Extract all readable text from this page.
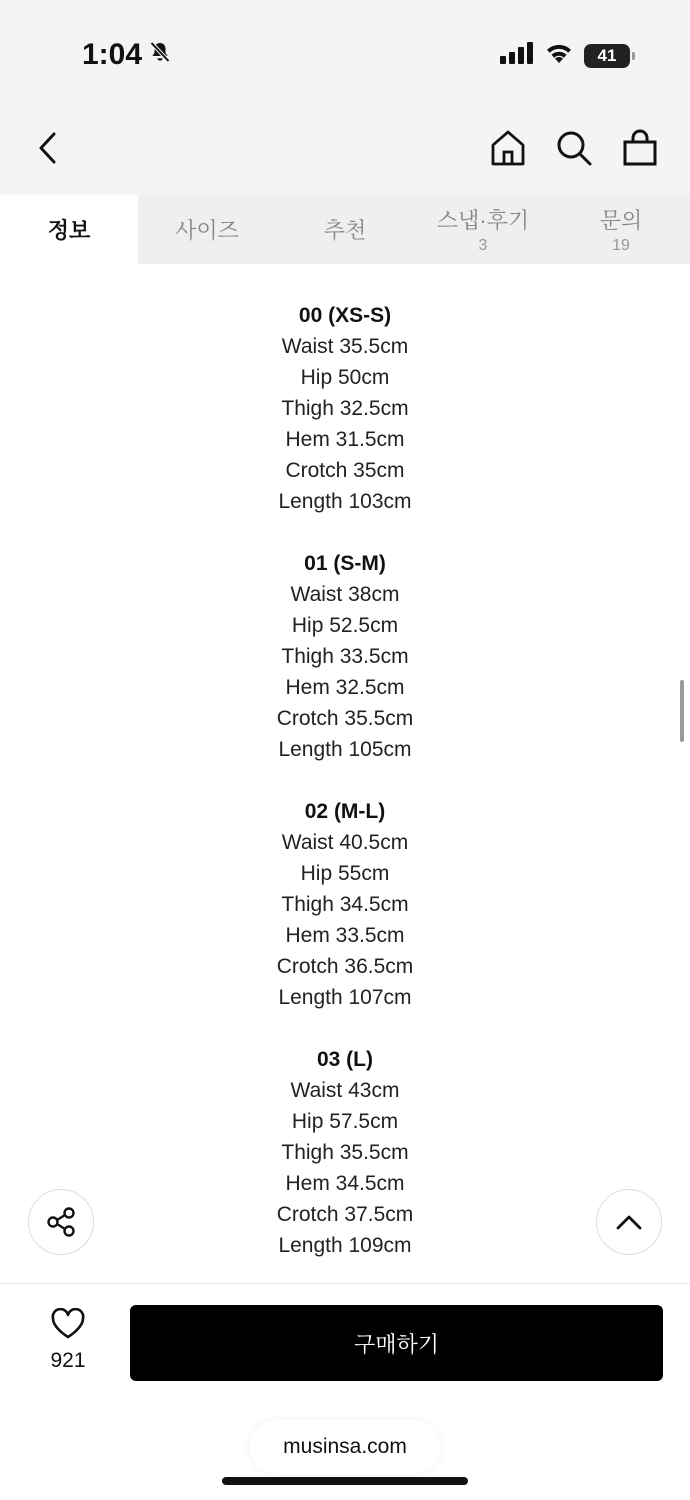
1:04	41
정보	사이즈	추천	스냅·후기
3
문의
19
00 (XS-S)
Waist 35.5cm
Hip 50cm
Thigh 32.5cm
Hem 31.5cm
Crotch 35cm
Length 103cm
01 (S-M)
Waist 38cm
Hip 52.5cm
Thigh 33.5cm
Hem 32.5cm
Crotch 35.5cm
Length 105cm
02 (M-L)
Waist 40.5cm
Hip 55cm
Thigh 34.5cm
Hem 33.5cm
Crotch 36.5cm
Length 107cm
03 (L)
Waist 43cm
Hip 57.5cm
Thigh 35.5cm
Hem 34.5cm
Crotch 37.5cm
Length 109cm
921
구매하기
musinsa.com
